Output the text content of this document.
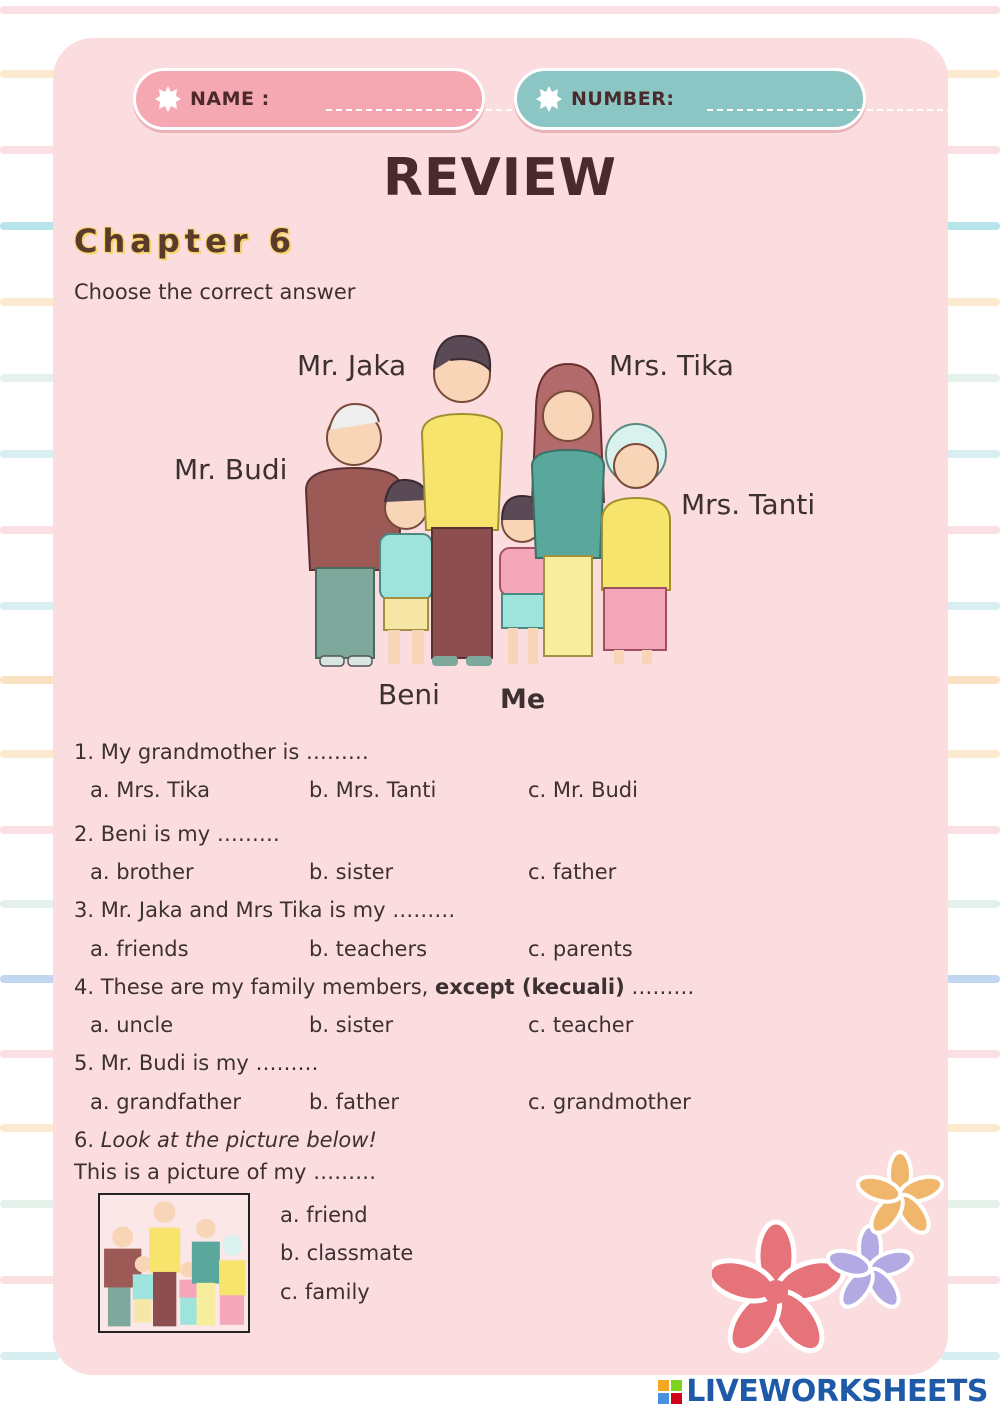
NAME :	NUMBER:
REVIEW
Chapter 6
Choose the correct answer
Mr. Jaka	Mrs. Tika
Mr. Budi
Mrs. Tanti
Beni Me
1. My grandmother is ………
a. Mrs. Tika	b. Mrs. Tanti	c. Mr. Budi
2. Beni is my ………
a. brother	b. sister	c. father
3. Mr. Jaka and Mrs Tika is my ………
a. friends	b. teachers	c. parents
4. These are my family members, except (kecuali) ………
a. uncle	b. sister	c. teacher
5. Mr. Budi is my ………
a. grandfather	b. father	c. grandmother
6. Look at the picture below!
This is a picture of my ………
a. friend
b. classmate
c. family
LIVEWORKSHEETS
